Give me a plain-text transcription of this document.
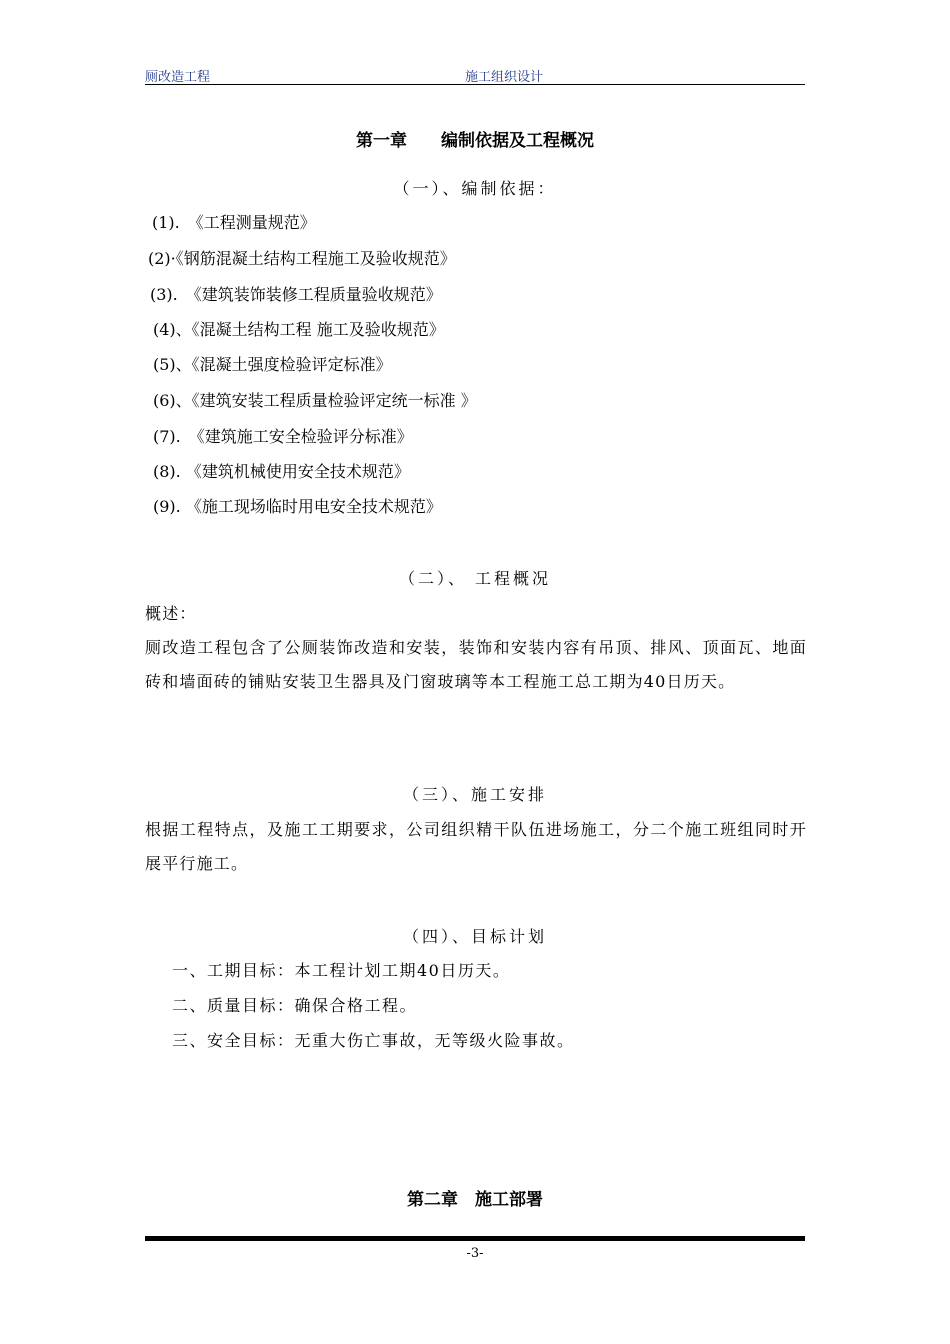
厕改造工程	施工组织设计
第一章　　编制依据及工程概况
（一）、编制依据：
(1).　《工程测量规范》
(2)·《钢筋混凝土结构工程施工及验收规范》
(3).　《建筑装饰装修工程质量验收规范》
(4)、《混凝土结构工程 施工及验收规范》
(5)、《混凝土强度检验评定标准》
(6)、《建筑安装工程质量检验评定统一标准 》
(7).　《建筑施工安全检验评分标准》
(8). 《建筑机械使用安全技术规范》
(9). 《施工现场临时用电安全技术规范》
（二）、 工程概况
概述：
厕改造工程包含了公厕装饰改造和安装，装饰和安装内容有吊顶、排风、顶面瓦、地面砖和墙面砖的铺贴安装卫生器具及门窗玻璃等本工程施工总工期为40日历天。
（三）、施工安排
根据工程特点，及施工工期要求，公司组织精干队伍进场施工，分二个施工班组同时开展平行施工。
（四）、目标计划
一、工期目标：本工程计划工期40日历天。
二、质量目标：确保合格工程。
三、安全目标：无重大伤亡事故，无等级火险事故。
第二章　施工部署
-3-
